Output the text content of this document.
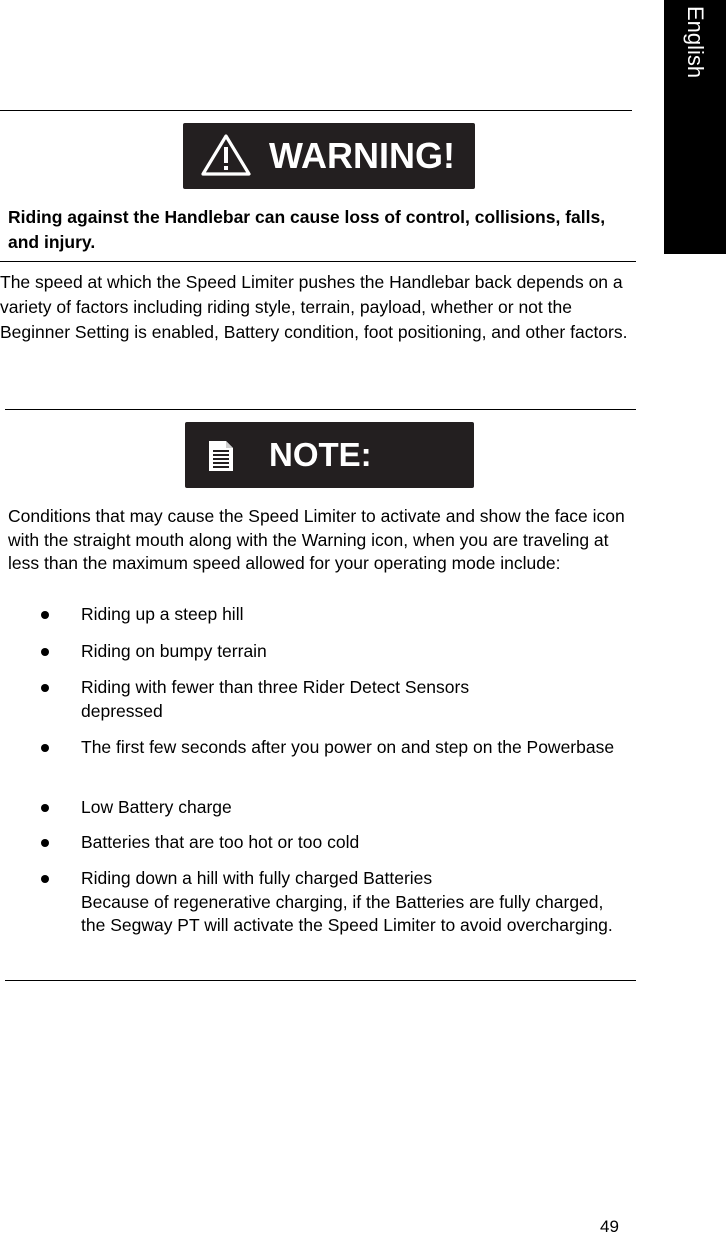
English
WARNING!
Riding against the Handlebar can cause loss of control, collisions, falls, and injury.
The speed at which the Speed Limiter pushes the Handlebar back depends on a variety of factors including riding style, terrain, payload, whether or not the Beginner Setting is enabled, Battery condition, foot positioning, and other factors.
NOTE:
Conditions that may cause the Speed Limiter to activate and show the face icon with the straight mouth along with the Warning icon, when you are traveling at less than the maximum speed allowed for your operating mode include:
Riding up a steep hill
Riding on bumpy terrain
Riding with fewer than three Rider Detect Sensors depressed
The first few seconds after you power on and step on the Powerbase
Low Battery charge
Batteries that are too hot or too cold
Riding down a hill with fully charged Batteries
Because of regenerative charging, if the Batteries are fully charged, the Segway PT will activate the Speed Limiter to avoid overcharging.
49
